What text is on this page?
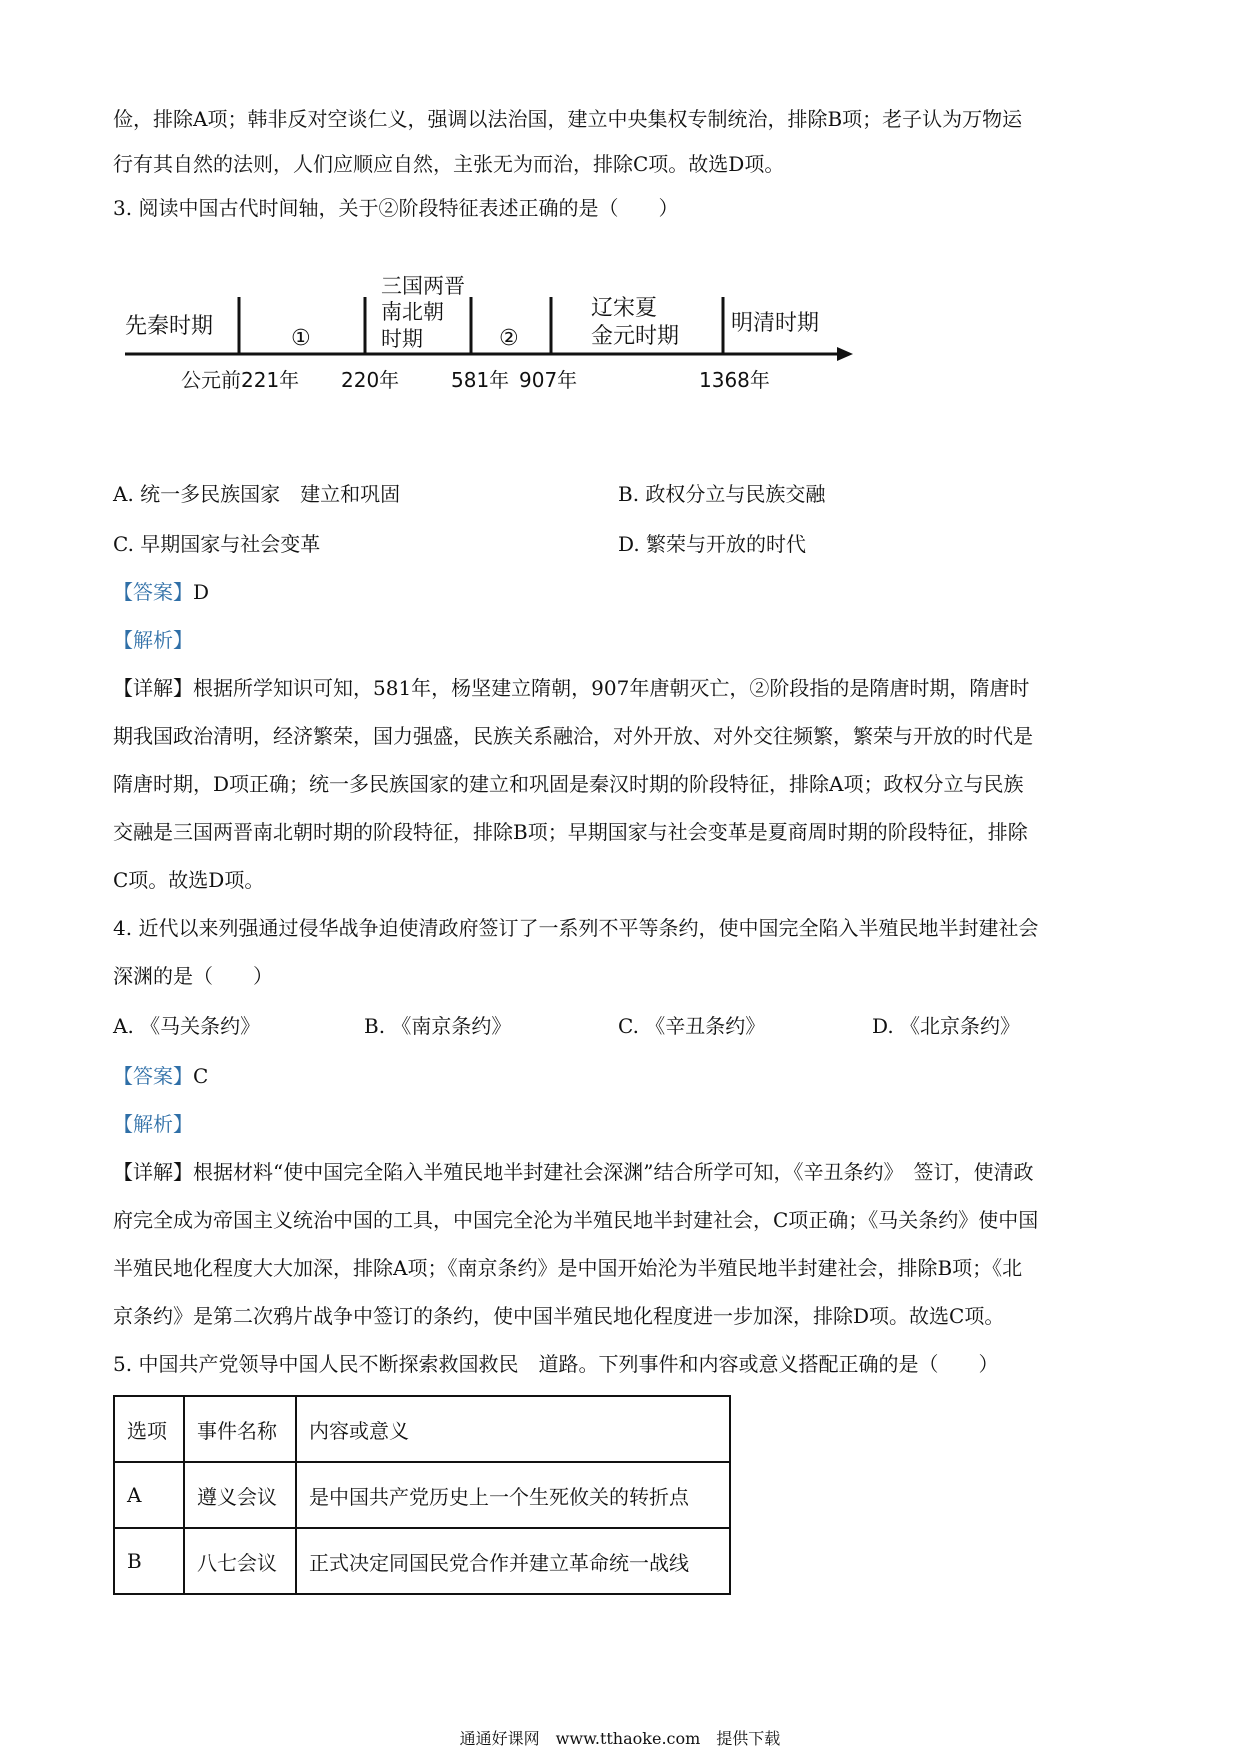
俭，排除A项；韩非反对空谈仁义，强调以法治国，建立中央集权专制统治，排除B项；老子认为万物运
行有其自然的法则，人们应顺应自然，主张无为而治，排除C项。故选D项。
3. 阅读中国古代时间轴，关于②阶段特征表述正确的是（　　）
先秦时期	①
三国两晋
南北朝
时期	②
辽宋夏
金元时期
明清时期
公元前221年 220年	581年 907年	1368年
A. 统一多民族国家　建立和巩固	B. 政权分立与民族交融
C. 早期国家与社会变革	D. 繁荣与开放的时代
【答案】D
【解析】
【详解】根据所学知识可知，581年，杨坚建立隋朝，907年唐朝灭亡，②阶段指的是隋唐时期，隋唐时
期我国政治清明，经济繁荣，国力强盛，民族关系融洽，对外开放、对外交往频繁，繁荣与开放的时代是
隋唐时期，D项正确；统一多民族国家的建立和巩固是秦汉时期的阶段特征，排除A项；政权分立与民族
交融是三国两晋南北朝时期的阶段特征，排除B项；早期国家与社会变革是夏商周时期的阶段特征，排除
C项。故选D项。
4. 近代以来列强通过侵华战争迫使清政府签订了一系列不平等条约，使中国完全陷入半殖民地半封建社会
深渊的是（　　）
A. 《马关条约》	B. 《南京条约》	C. 《辛丑条约》	D. 《北京条约》
【答案】C
【解析】
【详解】根据材料“使中国完全陷入半殖民地半封建社会深渊”结合所学可知，《辛丑条约》　签订，使清政
府完全成为帝国主义统治中国的工具，中国完全沦为半殖民地半封建社会，C项正确；《马关条约》使中国
半殖民地化程度大大加深，排除A项；《南京条约》是中国开始沦为半殖民地半封建社会，排除B项；《北
京条约》是第二次鸦片战争中签订的条约，使中国半殖民地化程度进一步加深，排除D项。故选C项。
5. 中国共产党领导中国人民不断探索救国救民　道路。下列事件和内容或意义搭配正确的是（　　）
选项	事件名称	内容或意义
A	遵义会议	是中国共产党历史上一个生死攸关的转折点
B	八七会议	正式决定同国民党合作并建立革命统一战线
通通好课网　www.tthaoke.com　提供下载
